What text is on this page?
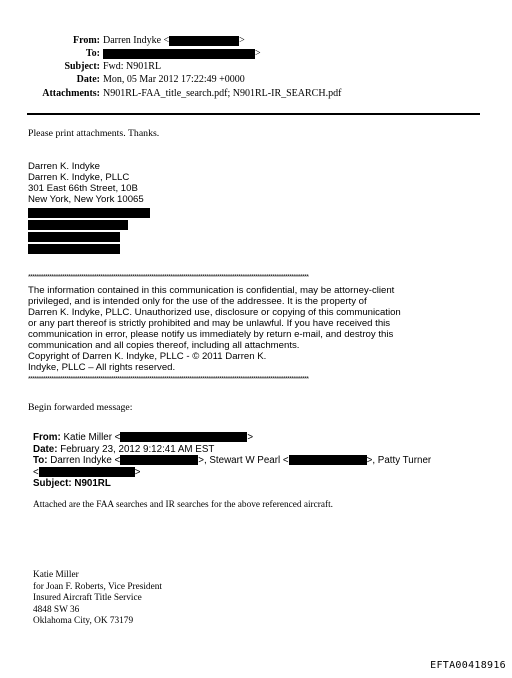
From: Darren Indyke <	>
To:	>
Subject: Fwd: N901RL
Date: Mon, 05 Mar 2012 17:22:49 +0000
Attachments: N901RL-FAA_title_search.pdf; N901RL-IR_SEARCH.pdf
Please print attachments. Thanks.
Darren K. Indyke
Darren K. Indyke, PLLC
301 East 66th Street, 10B
New York, New York 10065
************************************************************************************************************************************
The information contained in this communication is confidential, may be attorney-client
privileged, and is intended only for the use of the addressee. It is the property of
Darren K. Indyke, PLLC. Unauthorized use, disclosure or copying of this communication
or any part thereof is strictly prohibited and may be unlawful. If you have received this
communication in error, please notify us immediately by return e-mail, and destroy this
communication and all copies thereof, including all attachments.
Copyright of Darren K. Indyke, PLLC - © 2011 Darren K.
Indyke, PLLC – All rights reserved.
************************************************************************************************************************************
Begin forwarded message:
From: Katie Miller <	>
Date: February 23, 2012 9:12:41 AM EST
To: Darren Indyke <	>, Stewart W Pearl <	>, Patty Turner
<	>
Subject: N901RL
Attached are the FAA searches and IR searches for the above referenced aircraft.
Katie Miller
for Joan F. Roberts, Vice President
Insured Aircraft Title Service
4848 SW 36
Oklahoma City, OK 73179
EFTA00418916
